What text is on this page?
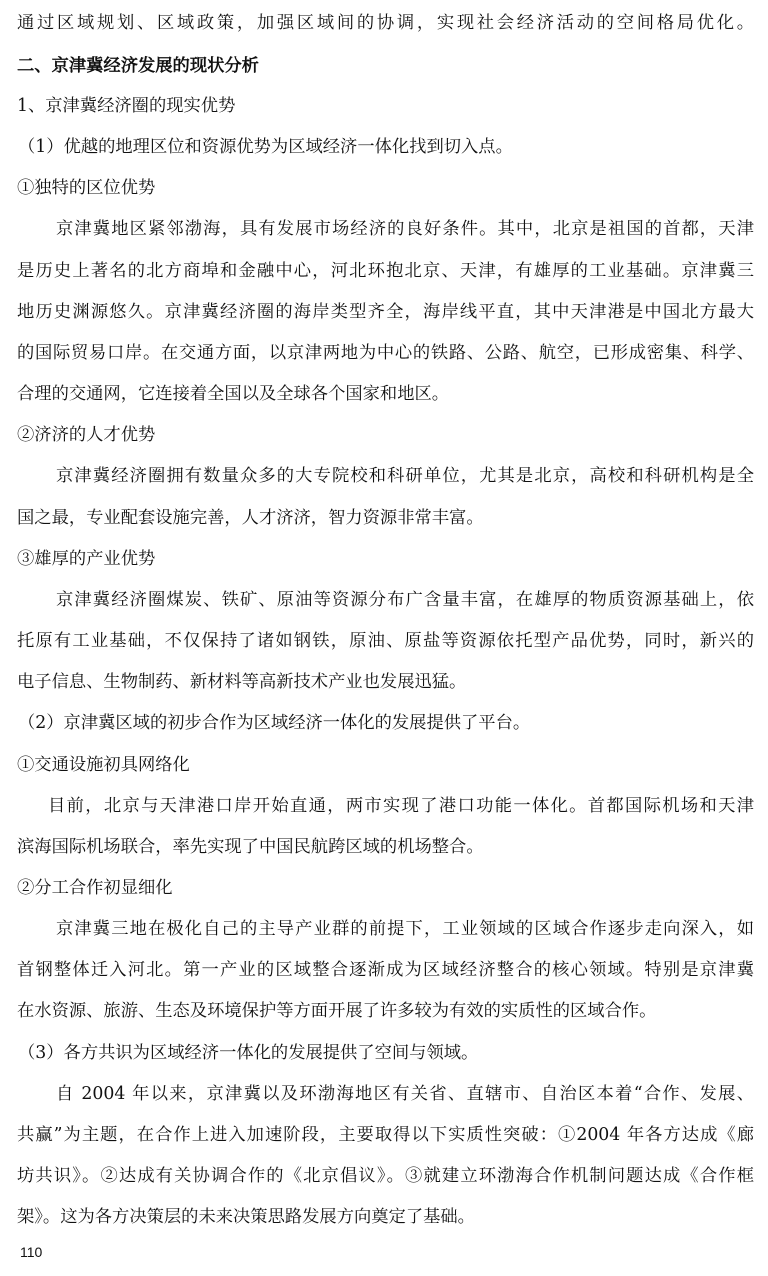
通过区域规划、区域政策，加强区域间的协调，实现社会经济活动的空间格局优化。
二、京津冀经济发展的现状分析
1、京津冀经济圈的现实优势
（1）优越的地理区位和资源优势为区域经济一体化找到切入点。
①独特的区位优势
京津冀地区紧邻渤海，具有发展市场经济的良好条件。其中，北京是祖国的首都，天津
是历史上著名的北方商埠和金融中心，河北环抱北京、天津，有雄厚的工业基础。京津冀三
地历史渊源悠久。京津冀经济圈的海岸类型齐全，海岸线平直，其中天津港是中国北方最大
的国际贸易口岸。在交通方面，以京津两地为中心的铁路、公路、航空，已形成密集、科学、
合理的交通网，它连接着全国以及全球各个国家和地区。
②济济的人才优势
京津冀经济圈拥有数量众多的大专院校和科研单位，尤其是北京，高校和科研机构是全
国之最，专业配套设施完善，人才济济，智力资源非常丰富。
③雄厚的产业优势
京津冀经济圈煤炭、铁矿、原油等资源分布广含量丰富，在雄厚的物质资源基础上，依
托原有工业基础，不仅保持了诸如钢铁，原油、原盐等资源依托型产品优势，同时，新兴的
电子信息、生物制药、新材料等高新技术产业也发展迅猛。
（2）京津冀区域的初步合作为区域经济一体化的发展提供了平台。
①交通设施初具网络化
目前，北京与天津港口岸开始直通，两市实现了港口功能一体化。首都国际机场和天津
滨海国际机场联合，率先实现了中国民航跨区域的机场整合。
②分工合作初显细化
京津冀三地在极化自己的主导产业群的前提下，工业领域的区域合作逐步走向深入，如
首钢整体迁入河北。第一产业的区域整合逐渐成为区域经济整合的核心领域。特别是京津冀
在水资源、旅游、生态及环境保护等方面开展了许多较为有效的实质性的区域合作。
（3）各方共识为区域经济一体化的发展提供了空间与领域。
自 2004 年以来，京津冀以及环渤海地区有关省、直辖市、自治区本着“合作、发展、
共赢”为主题，在合作上进入加速阶段，主要取得以下实质性突破：①2004 年各方达成《廊
坊共识》。②达成有关协调合作的《北京倡议》。③就建立环渤海合作机制问题达成《合作框
架》。这为各方决策层的未来决策思路发展方向奠定了基础。
110
